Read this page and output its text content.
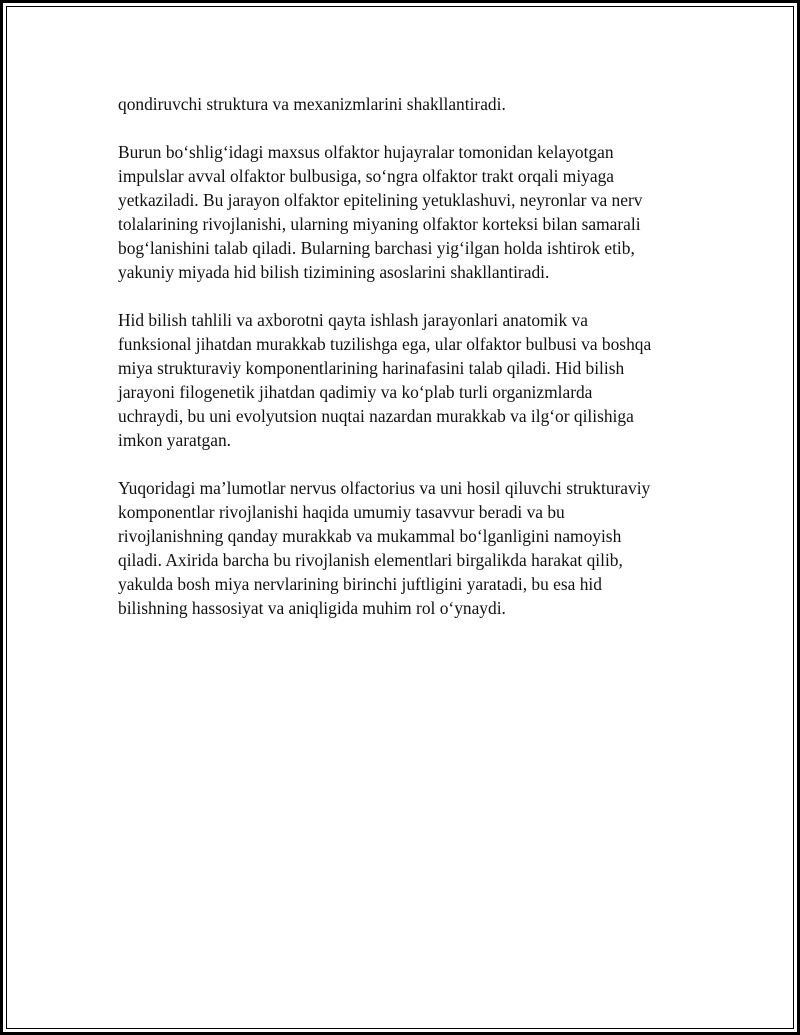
qondiruvchi struktura va mexanizmlarini shakllantiradi.

Burun bo‘shlig‘idagi maxsus olfaktor hujayralar tomonidan kelayotgan
impulslar avval olfaktor bulbusiga, so‘ngra olfaktor trakt orqali miyaga
yetkaziladi. Bu jarayon olfaktor epitelining yetuklashuvi, neyronlar va nerv
tolalarining rivojlanishi, ularning miyaning olfaktor korteksi bilan samarali
bog‘lanishini talab qiladi. Bularning barchasi yig‘ilgan holda ishtirok etib,
yakuniy miyada hid bilish tizimining asoslarini shakllantiradi.

Hid bilish tahlili va axborotni qayta ishlash jarayonlari anatomik va
funksional jihatdan murakkab tuzilishga ega, ular olfaktor bulbusi va boshqa
miya strukturaviy komponentlarining harinafasini talab qiladi. Hid bilish
jarayoni filogenetik jihatdan qadimiy va ko‘plab turli organizmlarda
uchraydi, bu uni evolyutsion nuqtai nazardan murakkab va ilg‘or qilishiga
imkon yaratgan.

Yuqoridagi ma’lumotlar nervus olfactorius va uni hosil qiluvchi strukturaviy
komponentlar rivojlanishi haqida umumiy tasavvur beradi va bu
rivojlanishning qanday murakkab va mukammal bo‘lganligini namoyish
qiladi. Axirida barcha bu rivojlanish elementlari birgalikda harakat qilib,
yakulda bosh miya nervlarining birinchi juftligini yaratadi, bu esa hid
bilishning hassosiyat va aniqligida muhim rol o‘ynaydi.
